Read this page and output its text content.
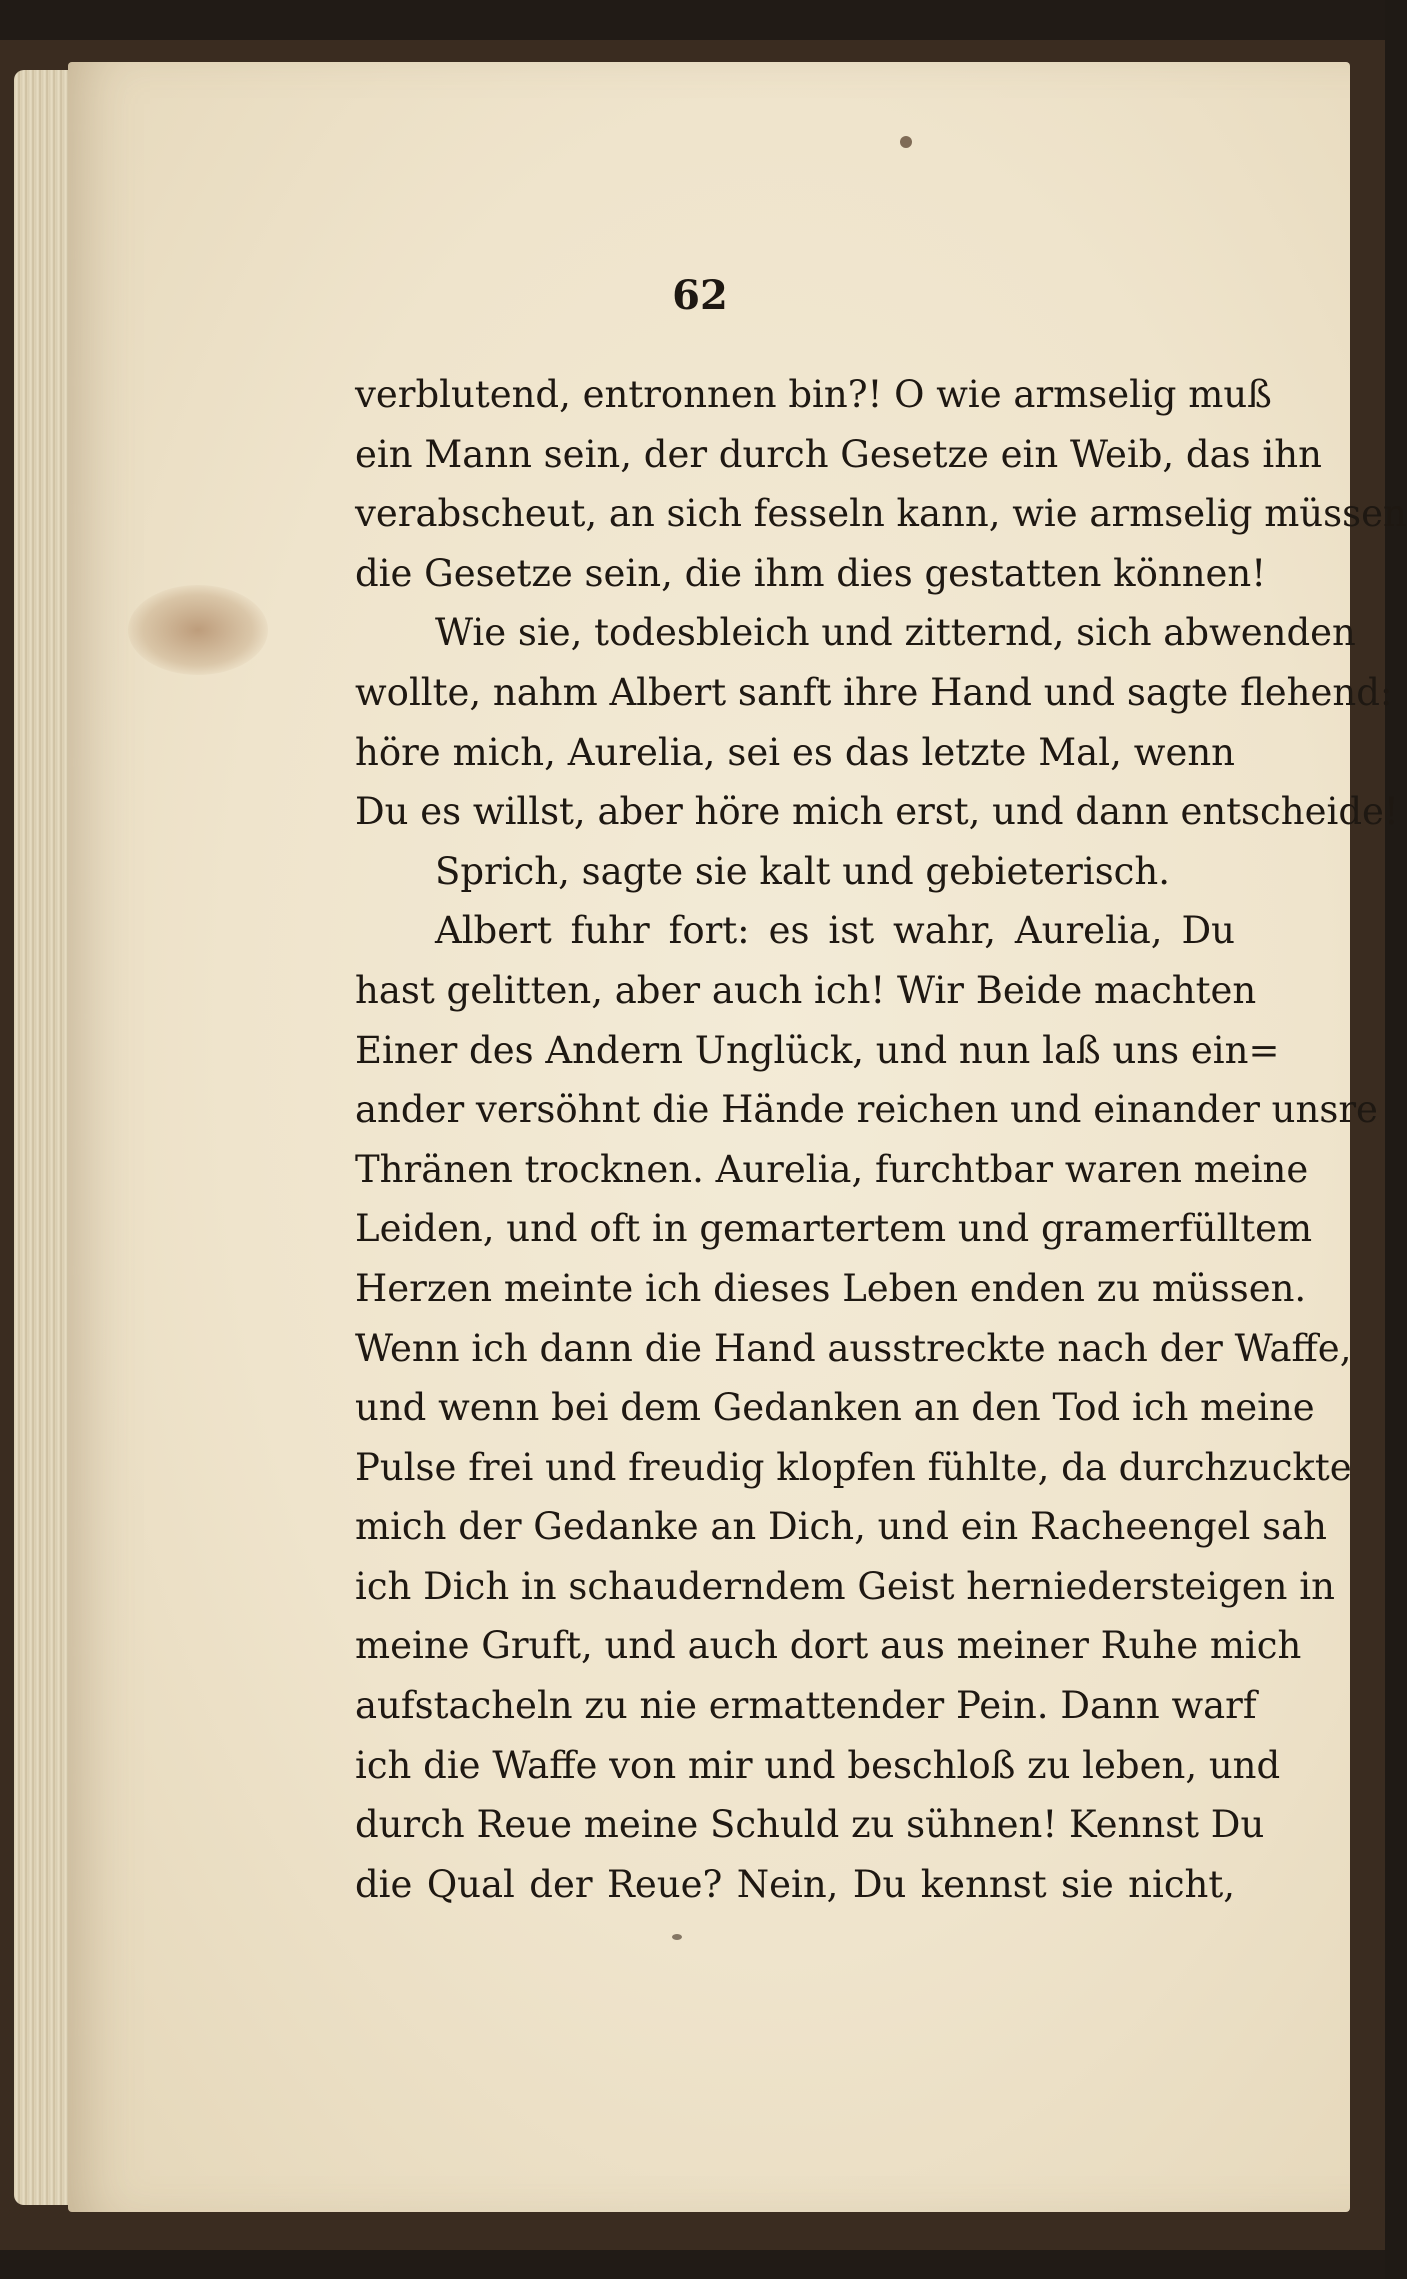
62
verblutend, entronnen bin?! O wie armselig muß
ein Mann sein, der durch Gesetze ein Weib, das ihn
verabscheut, an sich fesseln kann, wie armselig müssen
die Gesetze sein, die ihm dies gestatten können!
Wie sie, todesbleich und zitternd, sich abwenden
wollte, nahm Albert sanft ihre Hand und sagte flehend:
höre mich, Aurelia, sei es das letzte Mal, wenn
Du es willst, aber höre mich erst, und dann entscheide!
Sprich, sagte sie kalt und gebieterisch.
Albert fuhr fort: es ist wahr, Aurelia, Du
hast gelitten, aber auch ich! Wir Beide machten
Einer des Andern Unglück, und nun laß uns ein=
ander versöhnt die Hände reichen und einander unsre
Thränen trocknen. Aurelia, furchtbar waren meine
Leiden, und oft in gemartertem und gramerfülltem
Herzen meinte ich dieses Leben enden zu müssen.
Wenn ich dann die Hand ausstreckte nach der Waffe,
und wenn bei dem Gedanken an den Tod ich meine
Pulse frei und freudig klopfen fühlte, da durchzuckte
mich der Gedanke an Dich, und ein Racheengel sah
ich Dich in schauderndem Geist herniedersteigen in
meine Gruft, und auch dort aus meiner Ruhe mich
aufstacheln zu nie ermattender Pein. Dann warf
ich die Waffe von mir und beschloß zu leben, und
durch Reue meine Schuld zu sühnen! Kennst Du
die Qual der Reue? Nein, Du kennst sie nicht,
